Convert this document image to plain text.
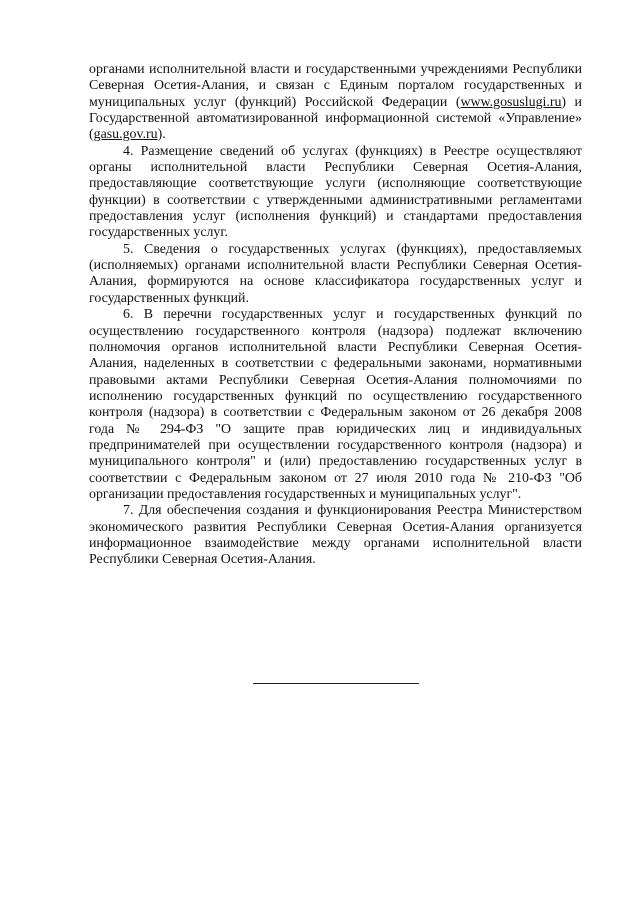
органами исполнительной власти и государственными учреждениями Республики Северная Осетия-Алания, и связан с Единым порталом государственных и муниципальных услуг (функций) Российской Федерации (www.gosuslugi.ru) и Государственной автоматизированной информационной системой «Управление» (gasu.gov.ru).

4. Размещение сведений об услугах (функциях) в Реестре осуществляют органы исполнительной власти Республики Северная Осетия-Алания, предоставляющие соответствующие услуги (исполняющие соответствующие функции) в соответствии с утвержденными административными регламентами предоставления услуг (исполнения функций) и стандартами предоставления государственных услуг.

5. Сведения о государственных услугах (функциях), предоставляемых (исполняемых) органами исполнительной власти Республики Северная Осетия-Алания, формируются на основе классификатора государственных услуг и государственных функций.

6. В перечни государственных услуг и государственных функций по осуществлению государственного контроля (надзора) подлежат включению полномочия органов исполнительной власти Республики Северная Осетия-Алания, наделенных в соответствии с федеральными законами, нормативными правовыми актами Республики Северная Осетия-Алания полномочиями по исполнению государственных функций по осуществлению государственного контроля (надзора) в соответствии с Федеральным законом от 26 декабря 2008 года № 294-ФЗ "О защите прав юридических лиц и индивидуальных предпринимателей при осуществлении государственного контроля (надзора) и муниципального контроля" и (или) предоставлению государственных услуг в соответствии с Федеральным законом от 27 июля 2010 года № 210-ФЗ "Об организации предоставления государственных и муниципальных услуг".

7. Для обеспечения создания и функционирования Реестра Министерством экономического развития Республики Северная Осетия-Алания организуется информационное взаимодействие между органами исполнительной власти Республики Северная Осетия-Алания.
